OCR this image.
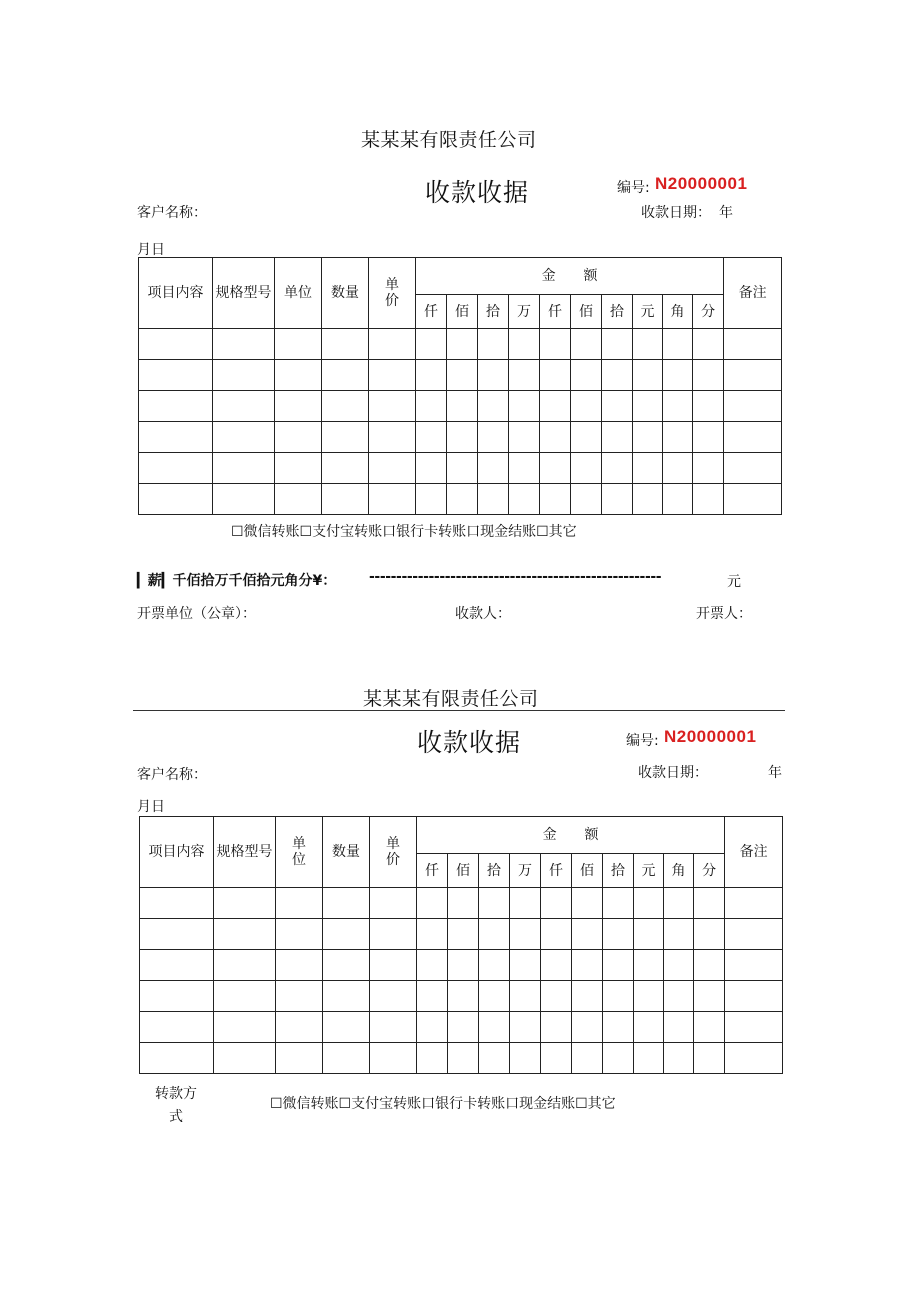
某某某有限责任公司
收款收据	编号: N20000001
客户名称：	收款日期： 年
月日
项目内容	规格型号	单位	数量	单价	金　　额										备注
					仟	佰	拾	万	仟	佰	拾	元	角	分	

☐微信转账☐支付宝转账口银行卡转账口现金结账☐其它
▎薪▎千佰拾万千佰拾元角分¥： ------------------------------------------------------	元
开票单位（公章）：	收款人：	开票人：
某某某有限责任公司
收款收据	编号: N20000001
客户名称：	收款日期：	年
月日
项目内容	规格型号	单位	数量	单价	金　　额										备注
					仟	佰	拾	万	仟	佰	拾	元	角	分	

转款方式
☐微信转账☐支付宝转账口银行卡转账口现金结账☐其它
